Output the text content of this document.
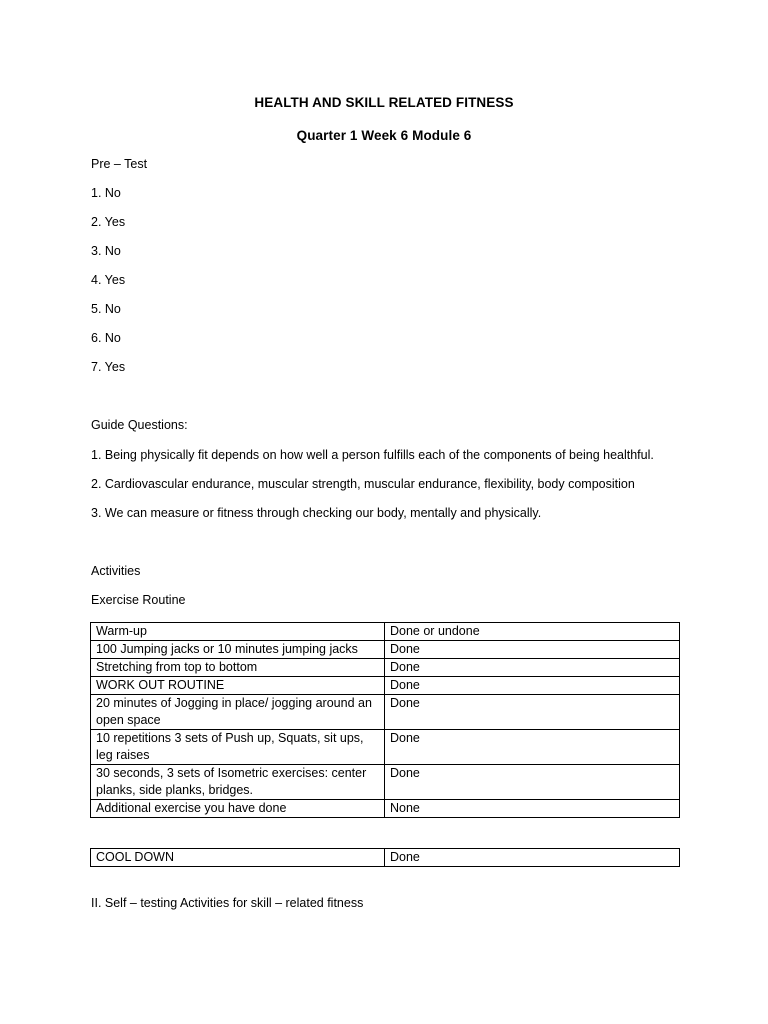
HEALTH AND SKILL RELATED FITNESS
Quarter 1 Week 6 Module 6
Pre – Test
1. No
2. Yes
3. No
4. Yes
5. No
6. No
7. Yes
Guide Questions:
1. Being physically fit depends on how well a person fulfills each of the components of being healthful.
2. Cardiovascular endurance, muscular strength, muscular endurance, flexibility, body composition
3. We can measure or fitness through checking our body, mentally and physically.
Activities
Exercise Routine
Warm-up	Done or undone
100 Jumping jacks or 10 minutes jumping jacks	Done
Stretching from top to bottom	Done
WORK OUT ROUTINE	Done
20 minutes of Jogging in place/ jogging around an open space	Done
10 repetitions 3 sets of Push up, Squats, sit ups, leg raises	Done
30 seconds, 3 sets of Isometric exercises: center planks, side planks, bridges.	Done
Additional exercise you have done	None
COOL DOWN	Done
II. Self – testing Activities for skill – related fitness
